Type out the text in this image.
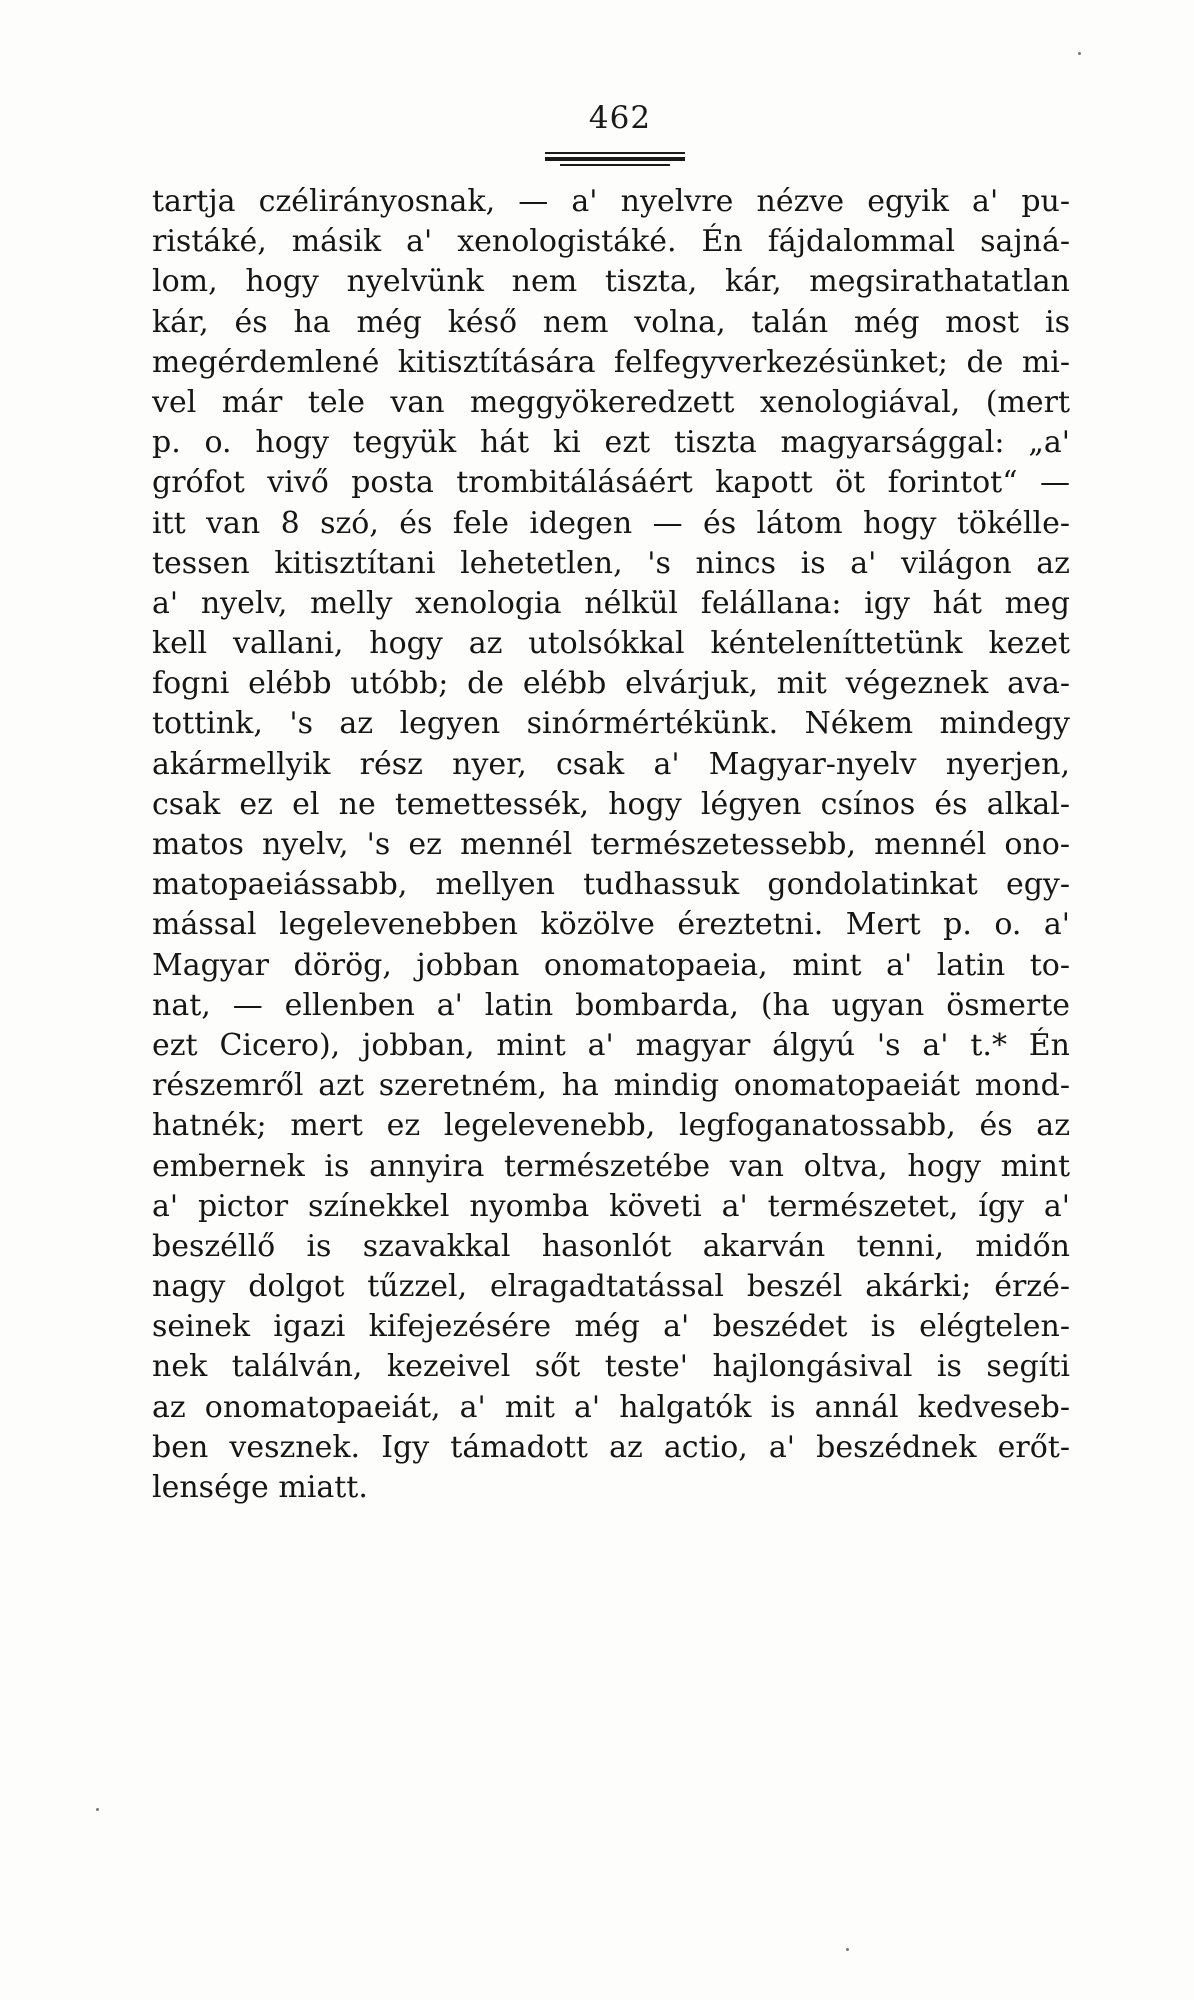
462
tartja czélirányosnak, — a' nyelvre nézve egyik a' pu-
ristáké, másik a' xenologistáké. Én fájdalommal sajná-
lom, hogy nyelvünk nem tiszta, kár, megsirathatatlan
kár, és ha még késő nem volna, talán még most is
megérdemlené kitisztítására felfegyverkezésünket; de mi-
vel már tele van meggyökeredzett xenologiával, (mert
p. o. hogy tegyük hát ki ezt tiszta magyarsággal: „a'
grófot vivő posta trombitálásáért kapott öt forintot“ —
itt van 8 szó, és fele idegen — és látom hogy tökélle-
tessen kitisztítani lehetetlen, 's nincs is a' világon az
a' nyelv, melly xenologia nélkül felállana: igy hát meg
kell vallani, hogy az utolsókkal kénteleníttetünk kezet
fogni elébb utóbb; de elébb elvárjuk, mit végeznek ava-
tottink, 's az legyen sinórmértékünk. Nékem mindegy
akármellyik rész nyer, csak a' Magyar-nyelv nyerjen,
csak ez el ne temettessék, hogy légyen csínos és alkal-
matos nyelv, 's ez mennél természetessebb, mennél ono-
matopaeiássabb, mellyen tudhassuk gondolatinkat egy-
mással legelevenebben közölve éreztetni. Mert p. o. a'
Magyar dörög, jobban onomatopaeia, mint a' latin to-
nat, — ellenben a' latin bombarda, (ha ugyan ösmerte
ezt Cicero), jobban, mint a' magyar álgyú 's a' t.* Én
részemről azt szeretném, ha mindig onomatopaeiát mond-
hatnék; mert ez legelevenebb, legfoganatossabb, és az
embernek is annyira természetébe van oltva, hogy mint
a' pictor színekkel nyomba követi a' természetet, így a'
beszéllő is szavakkal hasonlót akarván tenni, midőn
nagy dolgot tűzzel, elragadtatással beszél akárki; érzé-
seinek igazi kifejezésére még a' beszédet is elégtelen-
nek találván, kezeivel sőt teste' hajlongásival is segíti
az onomatopaeiát, a' mit a' halgatók is annál kedveseb-
ben vesznek. Igy támadott az actio, a' beszédnek erőt-
lensége miatt.
